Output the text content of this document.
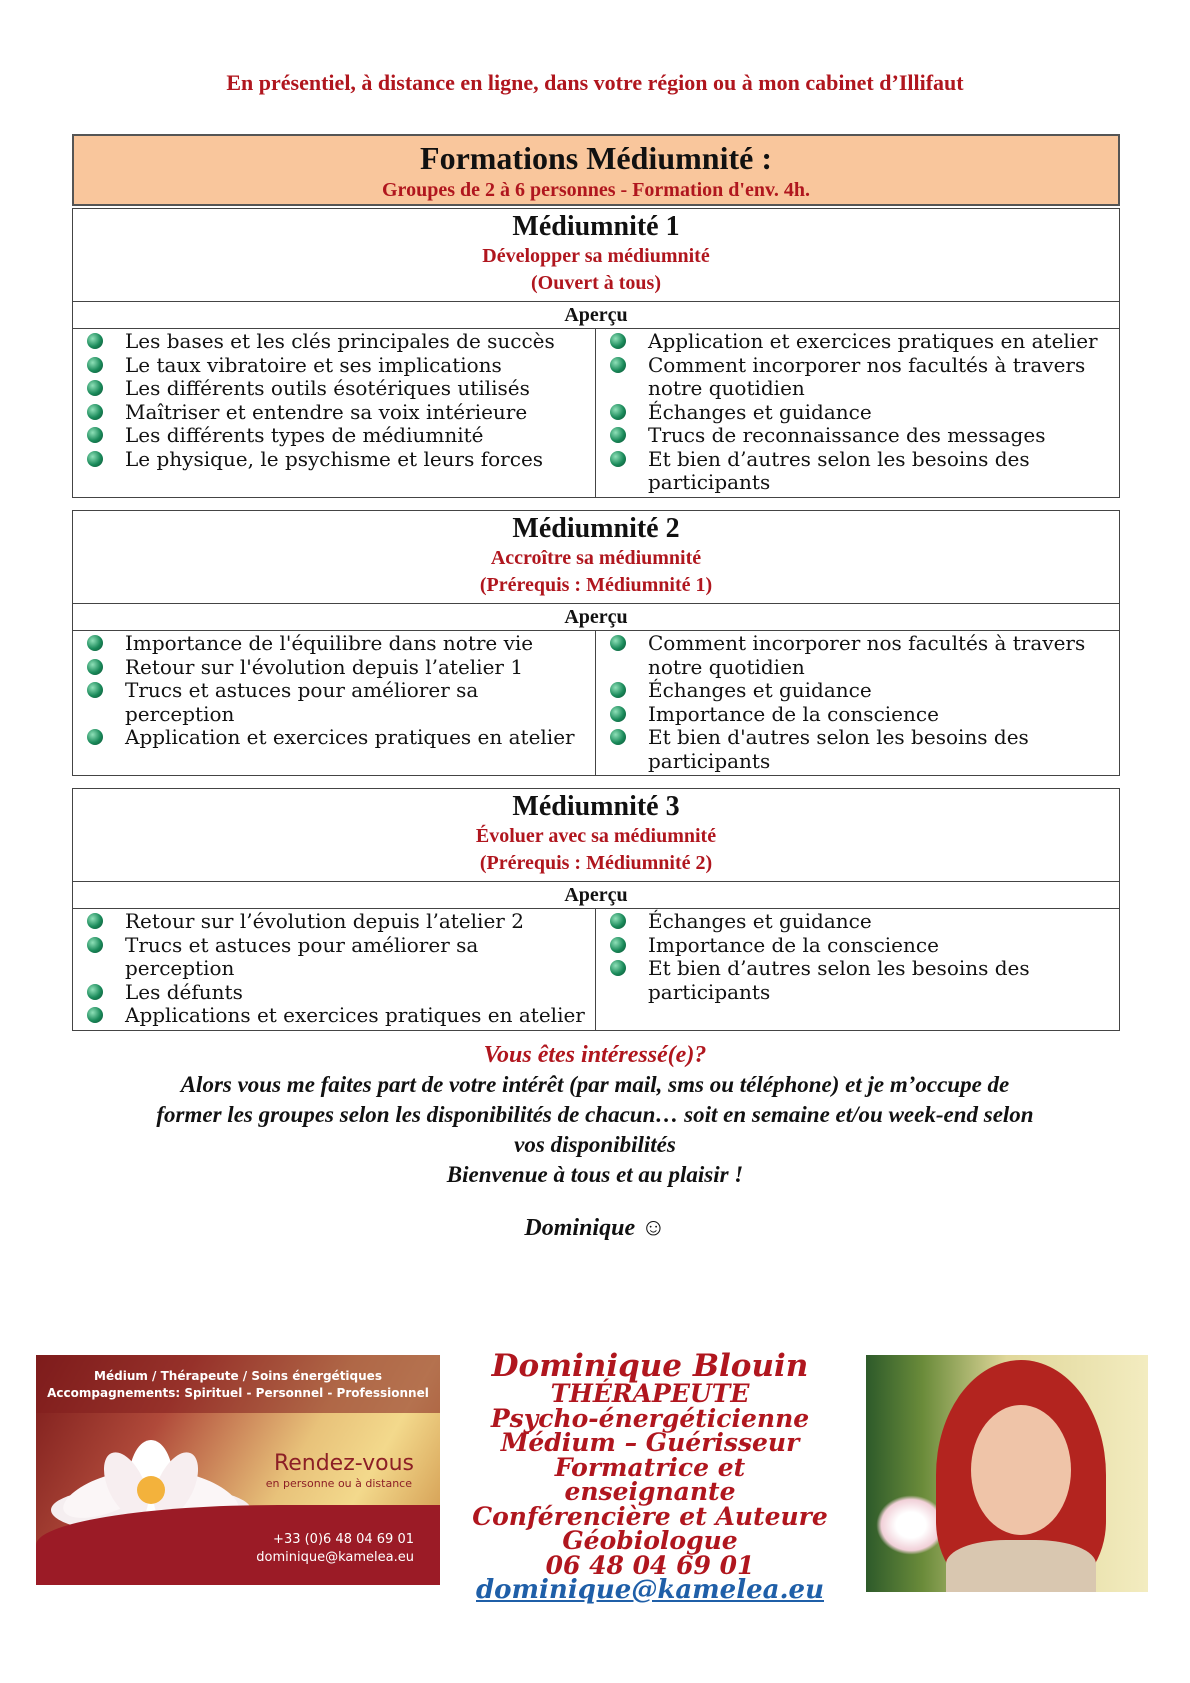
En présentiel, à distance en ligne, dans votre région ou à mon cabinet d’Illifaut
Formations Médiumnité :
Groupes de 2 à 6 personnes - Formation d'env. 4h.
Médiumnité 1
Développer sa médiumnité
(Ouvert à tous)
Aperçu
Les bases et les clés principales de succès
Le taux vibratoire et ses implications
Les différents outils ésotériques utilisés
Maîtriser et entendre sa voix intérieure
Les différents types de médiumnité
Le physique, le psychisme et leurs forces
Application et exercices pratiques en atelier
Comment incorporer nos facultés à travers notre quotidien
Échanges et guidance
Trucs de reconnaissance des messages
Et bien d’autres selon les besoins des participants
Médiumnité 2
Accroître sa médiumnité
(Prérequis : Médiumnité 1)
Aperçu
Importance de l'équilibre dans notre vie
Retour sur l'évolution depuis l’atelier 1
Trucs et astuces pour améliorer sa perception
Application et exercices pratiques en atelier
Comment incorporer nos facultés à travers notre quotidien
Échanges et guidance
Importance de la conscience
Et bien d'autres selon les besoins des participants
Médiumnité 3
Évoluer avec sa médiumnité
(Prérequis : Médiumnité 2)
Aperçu
Retour sur l’évolution depuis l’atelier 2
Trucs et astuces pour améliorer sa perception
Les défunts
Applications et exercices pratiques en atelier
Échanges et guidance
Importance de la conscience
Et bien d’autres selon les besoins des participants
Vous êtes intéressé(e)?
Alors vous me faites part de votre intérêt (par mail, sms ou téléphone) et je m’occupe de
former les groupes selon les disponibilités de chacun… soit en semaine et/ou week-end selon
vos disponibilités
Bienvenue à tous et au plaisir !
Dominique ☺
Médium / Thérapeute / Soins énergétiques
Accompagnements: Spirituel - Personnel - Professionnel
Rendez-vous
en personne ou à distance
+33 (0)6 48 04 69 01
dominique@kamelea.eu
Dominique Blouin
THÉRAPEUTE
Psycho-énergéticienne
Médium – Guérisseur
Formatrice et enseignante
Conférencière et Auteure
Géobiologue
06 48 04 69 01
dominique@kamelea.eu
